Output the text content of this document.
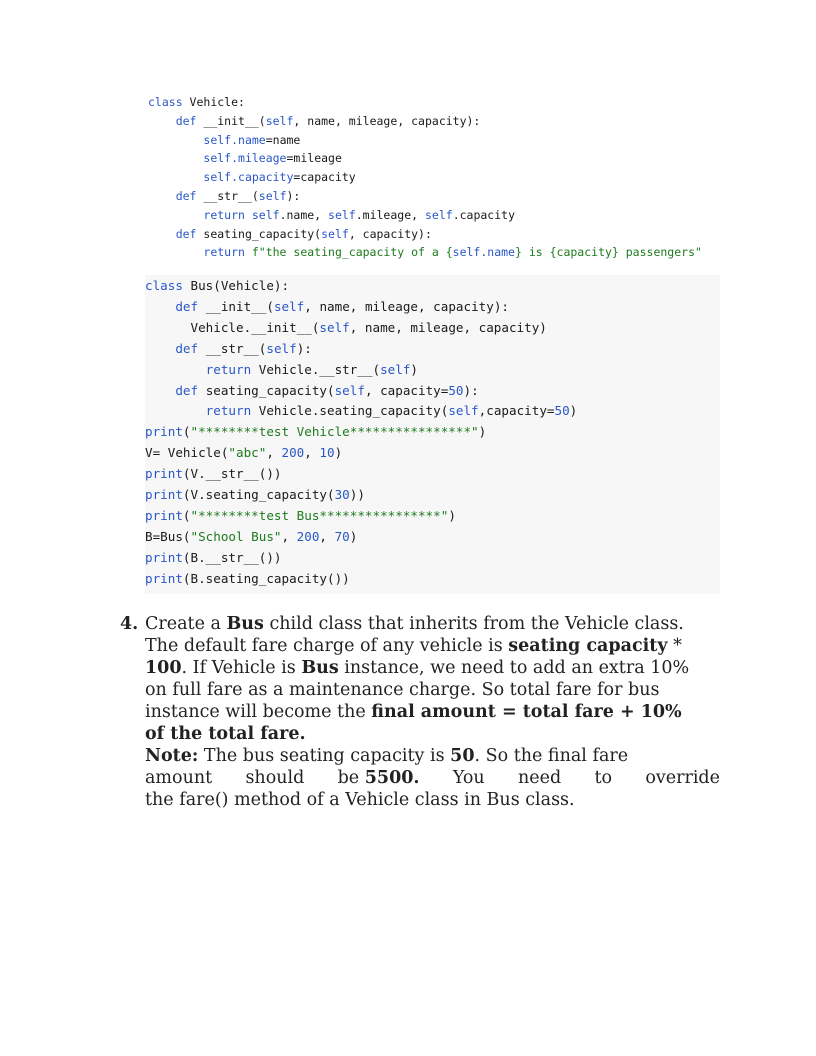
class Vehicle:
def __init__(self, name, mileage, capacity):
self.name=name
self.mileage=mileage
self.capacity=capacity
def __str__(self):
return self.name, self.mileage, self.capacity
def seating_capacity(self, capacity):
return f"the seating_capacity of a {self.name} is {capacity} passengers"
class Bus(Vehicle):
def __init__(self, name, mileage, capacity):
Vehicle.__init__(self, name, mileage, capacity)
def __str__(self):
return Vehicle.__str__(self)
def seating_capacity(self, capacity=50):
return Vehicle.seating_capacity(self,capacity=50)
print("********test Vehicle****************")
V= Vehicle("abc", 200, 10)
print(V.__str__())
print(V.seating_capacity(30))
print("********test Bus****************")
B=Bus("School Bus", 200, 70)
print(B.__str__())
print(B.seating_capacity())
4. Create a Bus child class that inherits from the Vehicle class.
The default fare charge of any vehicle is seating capacity *
100. If Vehicle is Bus instance, we need to add an extra 10%
on full fare as a maintenance charge. So total fare for bus
instance will become the final amount = total fare + 10%
of the total fare.
Note: The bus seating capacity is 50. So the final fare
amount should be 5500. You need to override
the fare() method of a Vehicle class in Bus class.
